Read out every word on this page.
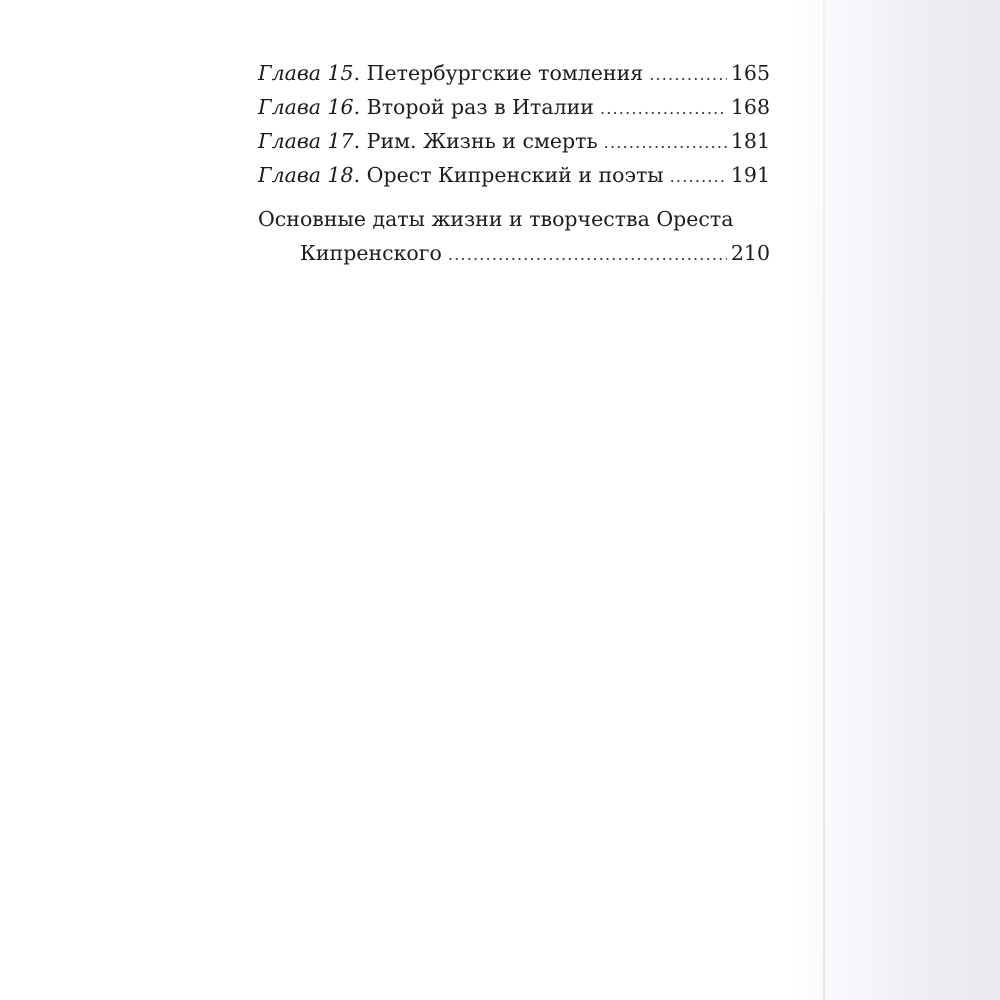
Глава 15 . Петербургские томления .....	165
Глава 16 . Второй раз в Италии .....	168
Глава 17 . Рим. Жизнь и смерть .....	181
Глава 18 . Орест Кипренский и поэты .....	191
Основные даты жизни и творчества Ореста
Кипренского .....	210
